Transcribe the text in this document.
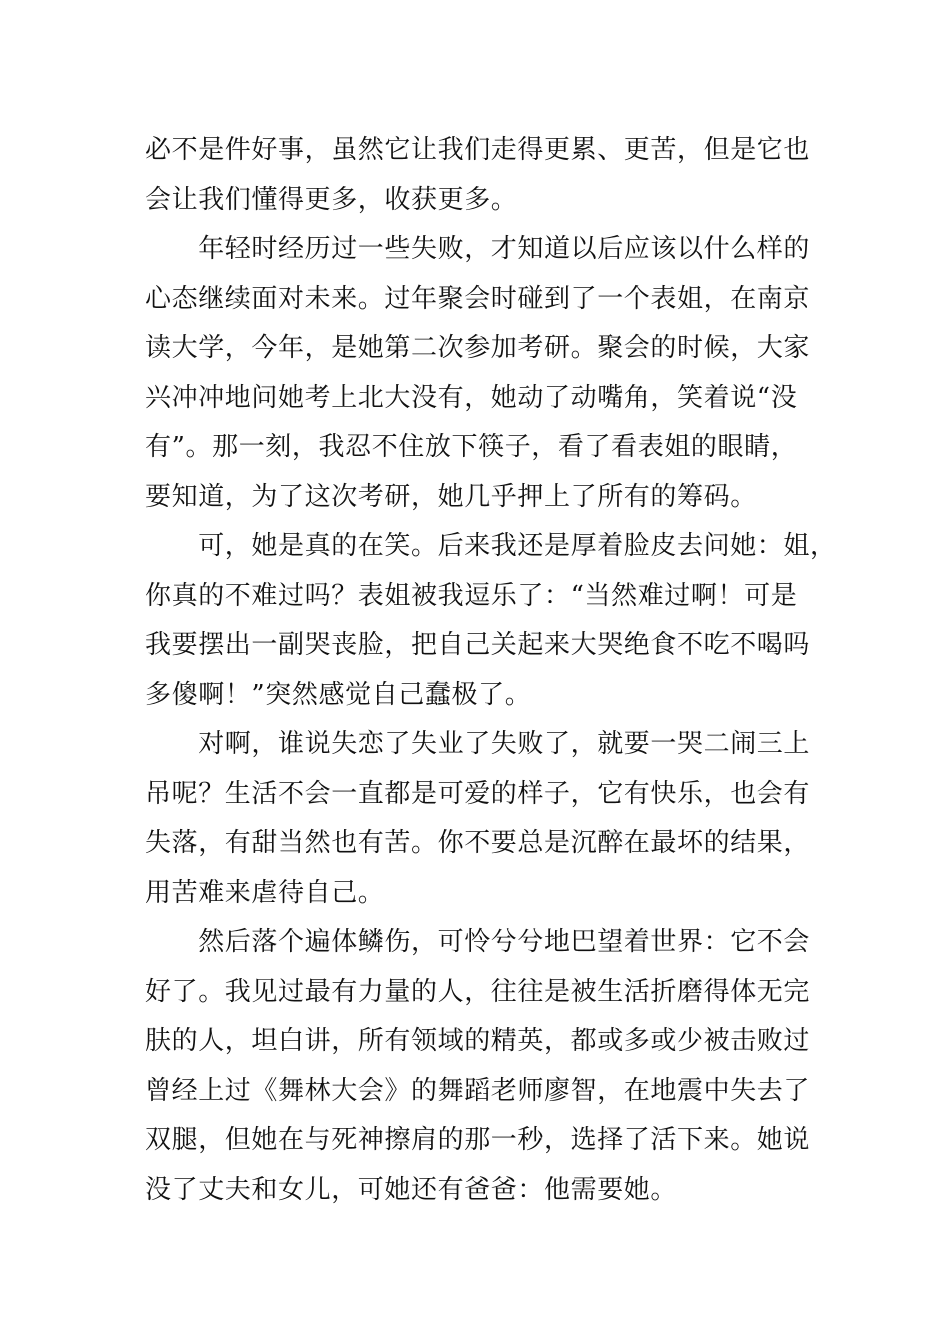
必不是件好事，虽然它让我们走得更累、更苦，但是它也
会让我们懂得更多，收获更多。
　　年轻时经历过一些失败，才知道以后应该以什么样的
心态继续面对未来。过年聚会时碰到了一个表姐，在南京
读大学，今年，是她第二次参加考研。聚会的时候，大家
兴冲冲地问她考上北大没有，她动了动嘴角，笑着说“没
有”。那一刻，我忍不住放下筷子，看了看表姐的眼睛，
要知道，为了这次考研，她几乎押上了所有的筹码。
　　可，她是真的在笑。后来我还是厚着脸皮去问她：姐，
你真的不难过吗？表姐被我逗乐了：“当然难过啊！可是
我要摆出一副哭丧脸，把自己关起来大哭绝食不吃不喝吗
多傻啊！”突然感觉自己蠢极了。
　　对啊，谁说失恋了失业了失败了，就要一哭二闹三上
吊呢？生活不会一直都是可爱的样子，它有快乐，也会有
失落，有甜当然也有苦。你不要总是沉醉在最坏的结果，
用苦难来虐待自己。
　　然后落个遍体鳞伤，可怜兮兮地巴望着世界：它不会
好了。我见过最有力量的人，往往是被生活折磨得体无完
肤的人，坦白讲，所有领域的精英，都或多或少被击败过
曾经上过《舞林大会》的舞蹈老师廖智，在地震中失去了
双腿，但她在与死神擦肩的那一秒，选择了活下来。她说
没了丈夫和女儿，可她还有爸爸：他需要她。
